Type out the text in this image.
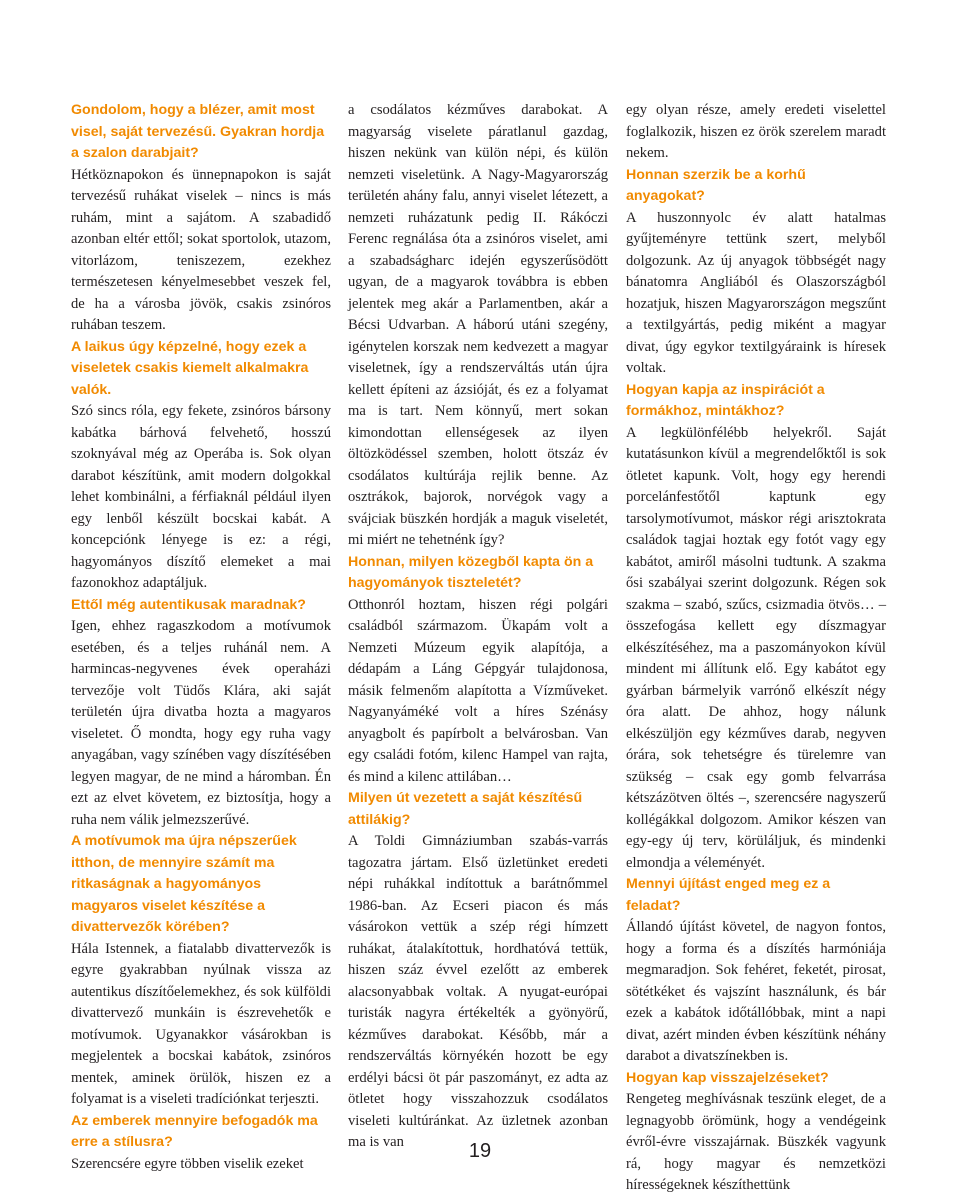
Gondolom, hogy a blézer, amit most visel, saját tervezésű. Gyakran hordja a szalon darabjait?

Hétköznapokon és ünnepnapokon is saját tervezésű ruhákat viselek – nincs is más ruhám, mint a sajátom. A szabadidő azonban eltér ettől; sokat sportolok, utazom, vitorlázom, teniszezem, ezekhez természetesen kényelmesebbet veszek fel, de ha a városba jövök, csakis zsinóros ruhában teszem.

A laikus úgy képzelné, hogy ezek a viseletek csakis kiemelt alkalmakra valók.

Szó sincs róla, egy fekete, zsinóros bársony kabátka bárhová felvehető, hosszú szoknyával még az Operába is. Sok olyan darabot készítünk, amit modern dolgokkal lehet kombinálni, a férfiaknál például ilyen egy lenből készült bocskai kabát. A koncepciónk lényege is ez: a régi, hagyományos díszítő elemeket a mai fazonokhoz adaptáljuk.

Ettől még autentikusak maradnak?

Igen, ehhez ragaszkodom a motívumok esetében, és a teljes ruhánál nem. A harmincas-negyvenes évek operaházi tervezője volt Tüdős Klára, aki saját területén újra divatba hozta a magyaros viseletet. Ő mondta, hogy egy ruha vagy anyagában, vagy színében vagy díszítésében legyen magyar, de ne mind a háromban. Én ezt az elvet követem, ez biztosítja, hogy a ruha nem válik jelmezszerűvé.

A motívumok ma újra népszerűek itthon, de mennyire számít ma ritkaságnak a hagyományos magyaros viselet készítése a divattervezők körében?

Hála Istennek, a fiatalabb divattervezők is egyre gyakrabban nyúlnak vissza az autentikus díszítőelemekhez, és sok külföldi divattervező munkáin is észrevehetők e motívumok. Ugyanakkor vásárokban is megjelentek a bocskai kabátok, zsinóros mentek, aminek örülök, hiszen ez a folyamat is a viseleti tradíciónkat terjeszti.

Az emberek mennyire befogadók ma erre a stílusra?

Szerencsére egyre többen viselik ezeket

a csodálatos kézműves darabokat. A magyarság viselete páratlanul gazdag, hiszen nekünk van külön népi, és külön nemzeti viseletünk. A Nagy-Magyarország területén ahány falu, annyi viselet létezett, a nemzeti ruházatunk pedig II. Rákóczi Ferenc regnálása óta a zsinóros viselet, ami a szabadságharc idején egyszerűsödött ugyan, de a magyarok továbbra is ebben jelentek meg akár a Parlamentben, akár a Bécsi Udvarban. A háború utáni szegény, igénytelen korszak nem kedvezett a magyar viseletnek, így a rendszerváltás után újra kellett építeni az ázsióját, és ez a folyamat ma is tart. Nem könnyű, mert sokan kimondottan ellenségesek az ilyen öltözködéssel szemben, holott ötszáz év csodálatos kultúrája rejlik benne. Az osztrákok, bajorok, norvégok vagy a svájciak büszkén hordják a maguk viseletét, mi miért ne tehetnénk így?

Honnan, milyen közegből kapta ön a hagyományok tiszteletét?

Otthonról hoztam, hiszen régi polgári családból származom. Ükapám volt a Nemzeti Múzeum egyik alapítója, a dédapám a Láng Gépgyár tulajdonosa, másik felmenőm alapította a Vízműveket. Nagyanyáméké volt a híres Szénásy anyagbolt és papírbolt a belvárosban. Van egy családi fotóm, kilenc Hampel van rajta, és mind a kilenc attilában…

Milyen út vezetett a saját készítésű attilákig?

A Toldi Gimnáziumban szabás-varrás tagozatra jártam. Első üzletünket eredeti népi ruhákkal indítottuk a barátnőmmel 1986-ban. Az Ecseri piacon és más vásárokon vettük a szép régi hímzett ruhákat, átalakítottuk, hordhatóvá tettük, hiszen száz évvel ezelőtt az emberek alacsonyabbak voltak. A nyugat-európai turisták nagyra értékelték a gyönyörű, kézműves darabokat. Később, már a rendszerváltás környékén hozott be egy erdélyi bácsi öt pár paszományt, ez adta az ötletet hogy visszahozzuk csodálatos viseleti kultúránkat. Az üzletnek azonban ma is van

egy olyan része, amely eredeti viselettel foglalkozik, hiszen ez örök szerelem maradt nekem.

Honnan szerzik be a korhű anyagokat?

A huszonnyolc év alatt hatalmas gyűjteményre tettünk szert, melyből dolgozunk. Az új anyagok többségét nagy bánatomra Angliából és Olaszországból hozatjuk, hiszen Magyarországon megszűnt a textilgyártás, pedig miként a magyar divat, úgy egykor textilgyáraink is híresek voltak.

Hogyan kapja az inspirációt a formákhoz, mintákhoz?

A legkülönfélébb helyekről. Saját kutatásunkon kívül a megrendelőktől is sok ötletet kapunk. Volt, hogy egy herendi porcelánfestőtől kaptunk egy tarsolymotívumot, máskor régi arisztokrata családok tagjai hoztak egy fotót vagy egy kabátot, amiről másolni tudtunk. A szakma ősi szabályai szerint dolgozunk. Régen sok szakma – szabó, szűcs, csizmadia ötvös… – összefogása kellett egy díszmagyar elkészítéséhez, ma a paszományokon kívül mindent mi állítunk elő. Egy kabátot egy gyárban bármelyik varrónő elkészít négy óra alatt. De ahhoz, hogy nálunk elkészüljön egy kézműves darab, negyven órára, sok tehetségre és türelemre van szükség – csak egy gomb felvarrása kétszázötven öltés –, szerencsére nagyszerű kollégákkal dolgozom. Amikor készen van egy-egy új terv, körüláljuk, és mindenki elmondja a véleményét.

Mennyi újítást enged meg ez a feladat?

Állandó újítást követel, de nagyon fontos, hogy a forma és a díszítés harmóniája megmaradjon. Sok fehéret, feketét, pirosat, sötétkéket és vajszínt használunk, és bár ezek a kabátok időtállóbbak, mint a napi divat, azért minden évben készítünk néhány darabot a divatszínekben is.

Hogyan kap visszajelzéseket?

Rengeteg meghívásnak teszünk eleget, de a legnagyobb örömünk, hogy a vendégeink évről-évre visszajárnak. Büszkék vagyunk rá, hogy magyar és nemzetközi hírességeknek készíthettünk

19
